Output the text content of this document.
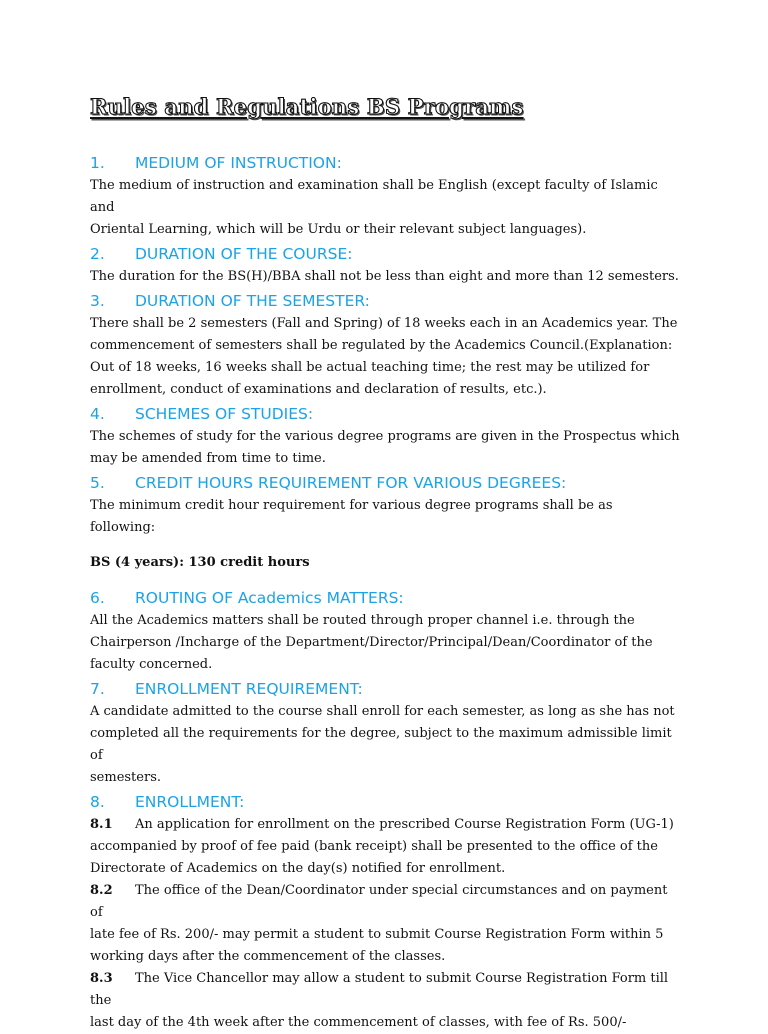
Rules and Regulations BS Programs
1.	MEDIUM OF INSTRUCTION:

The medium of instruction and examination shall be English (except faculty of Islamic and

Oriental Learning, which will be Urdu or their relevant subject languages).

2.	DURATION OF THE COURSE:

The duration for the BS(H)/BBA shall not be less than eight and more than 12 semesters.

3.	DURATION OF THE SEMESTER:

There shall be 2 semesters (Fall and Spring) of 18 weeks each in an Academics year. The

commencement of semesters shall be regulated by the Academics Council.(Explanation:

Out of 18 weeks, 16 weeks shall be actual teaching time; the rest may be utilized for

enrollment, conduct of examinations and declaration of results, etc.).

4.	SCHEMES OF STUDIES:

The schemes of study for the various degree programs are given in the Prospectus which

may be amended from time to time.

5.	CREDIT HOURS REQUIREMENT FOR VARIOUS DEGREES:

The minimum credit hour requirement for various degree programs shall be as following:

BS (4 years): 130 credit hours

6.	ROUTING OF Academics MATTERS:

All the Academics matters shall be routed through proper channel i.e. through the

Chairperson /Incharge of the Department/Director/Principal/Dean/Coordinator of the

faculty concerned.

7.	ENROLLMENT REQUIREMENT:

A candidate admitted to the course shall enroll for each semester, as long as she has not

completed all the requirements for the degree, subject to the maximum admissible limit of

semesters.

8.	ENROLLMENT:

8.1 An application for enrollment on the prescribed Course Registration Form (UG-1)

accompanied by proof of fee paid (bank receipt) shall be presented to the office of the

Directorate of Academics on the day(s) notified for enrollment.

8.2 The office of the Dean/Coordinator under special circumstances and on payment of

late fee of Rs. 200/- may permit a student to submit Course Registration Form within 5

working days after the commencement of the classes.

8.3 The Vice Chancellor may allow a student to submit Course Registration Form till the

last day of the 4th week after the commencement of classes, with fee of Rs. 500/-
